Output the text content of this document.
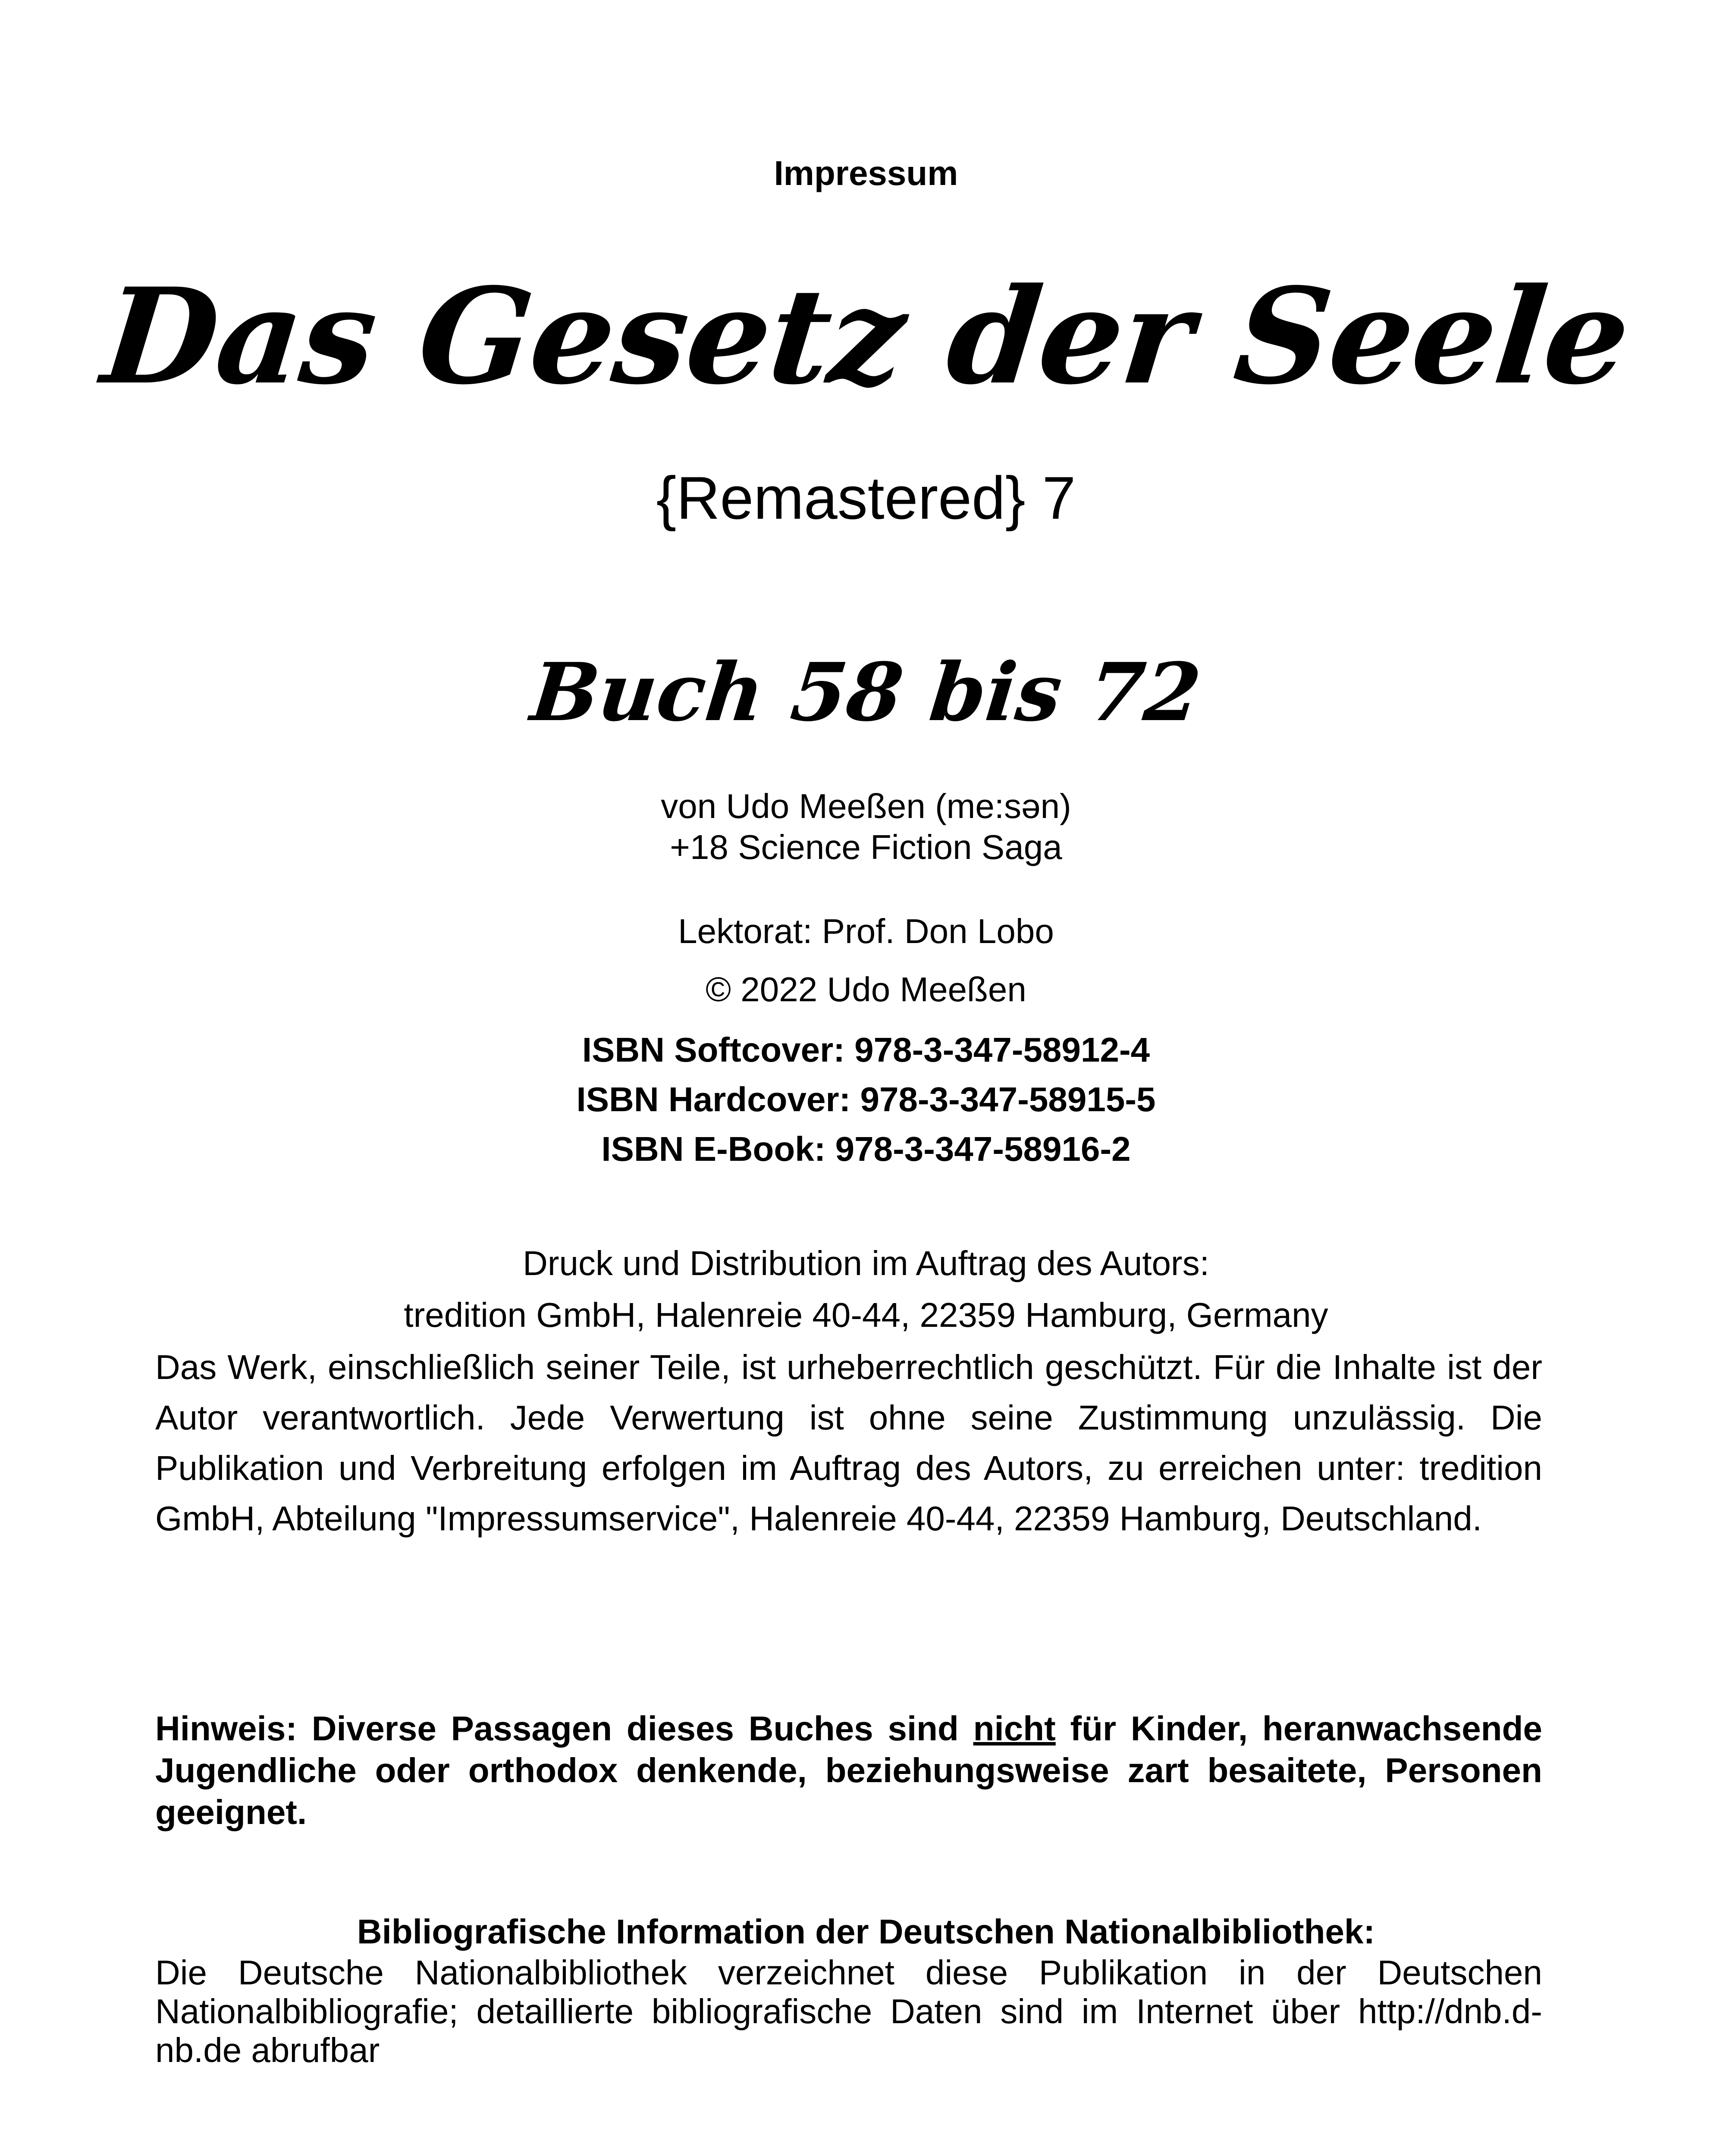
Impressum
Das Gesetz der Seele
{Remastered} 7
Buch 58 bis 72
von Udo Meeßen (me:sən)
+18 Science Fiction Saga
Lektorat: Prof. Don Lobo
© 2022 Udo Meeßen
ISBN Softcover: 978-3-347-58912-4
ISBN Hardcover: 978-3-347-58915-5
ISBN E-Book: 978-3-347-58916-2
Druck und Distribution im Auftrag des Autors:
tredition GmbH, Halenreie 40-44, 22359 Hamburg, Germany
Das Werk, einschließlich seiner Teile, ist urheberrechtlich geschützt. Für die Inhalte ist der Autor verantwortlich. Jede Verwertung ist ohne seine Zustimmung unzulässig. Die Publikation und Verbreitung erfolgen im Auftrag des Autors, zu erreichen unter: tredition GmbH, Abteilung "Impressumservice", Halenreie 40-44, 22359 Hamburg, Deutschland.
Hinweis: Diverse Passagen dieses Buches sind nicht für Kinder, heranwachsende Jugendliche oder orthodox denkende, beziehungsweise zart besaitete, Personen geeignet.
Bibliografische Information der Deutschen Nationalbibliothek:
Die Deutsche Nationalbibliothek verzeichnet diese Publikation in der Deutschen Nationalbibliografie; detaillierte bibliografische Daten sind im Internet über http://dnb.d-nb.de abrufbar
